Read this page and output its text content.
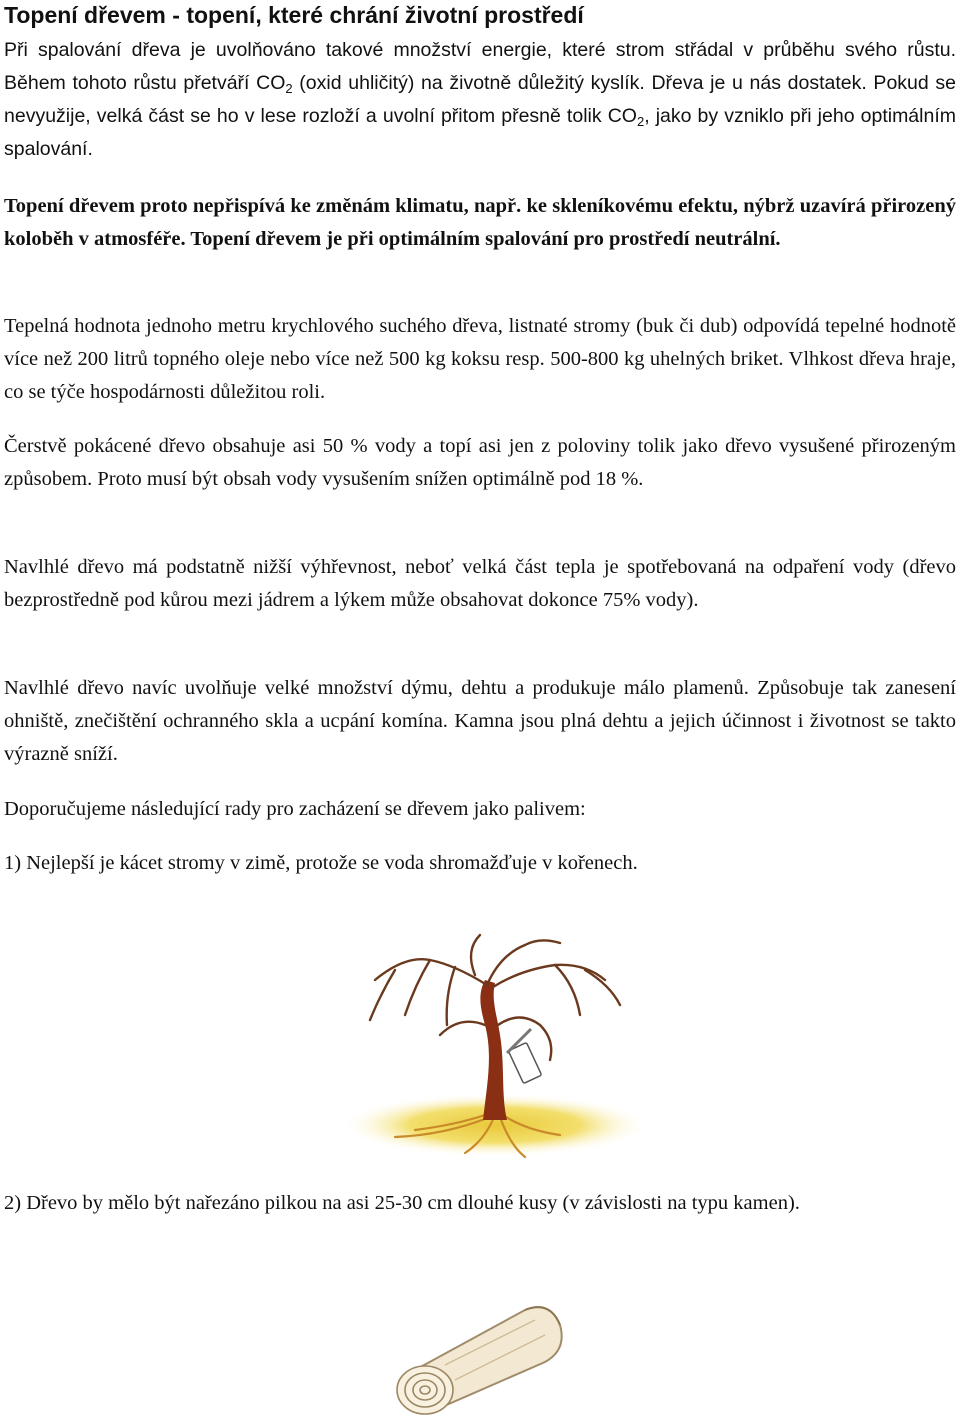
Topení dřevem - topení, které chrání životní prostředí

Při spalování dřeva je uvolňováno takové množství energie, které strom střádal v průběhu svého růstu. Během tohoto růstu přetváří $CO_2$ (oxid uhličitý) na životně důležitý kyslík. Dřeva je u nás dostatek. Pokud se nevyužije, velká část se ho v lese rozloží a uvolní přitom přesně tolik $CO_2$, jako by vzniklo při jeho optimálním spalování.

Topení dřevem proto nepřispívá ke změnám klimatu, např. ke skleníkovému efektu, nýbrž uzavírá přirozený koloběh v atmosféře. Topení dřevem je při optimálním spalování pro prostředí neutrální.

Tepelná hodnota jednoho metru krychlového suchého dřeva, listnaté stromy (buk či dub) odpovídá tepelné hodnotě více než 200 litrů topného oleje nebo více než 500 kg koksu resp. 500-800 kg uhelných briket. Vlhkost dřeva hraje, co se týče hospodárnosti důležitou roli.

Čerstvě pokácené dřevo obsahuje asi 50 % vody a topí asi jen z poloviny tolik jako dřevo vysušené přirozeným způsobem. Proto musí být obsah vody vysušením snížen optimálně pod 18 %.

Navlhlé dřevo má podstatně nižší výhřevnost, neboť velká část tepla je spotřebovaná na odpaření vody (dřevo bezprostředně pod kůrou mezi jádrem a lýkem může obsahovat dokonce 75% vody).

Navlhlé dřevo navíc uvolňuje velké množství dýmu, dehtu a produkuje málo plamenů. Způsobuje tak zanesení ohniště, znečištění ochranného skla a ucpání komína. Kamna jsou plná dehtu a jejich účinnost i životnost se takto výrazně sníží.

Doporučujeme následující rady pro zacházení se dřevem jako palivem:

1) Nejlepší je kácet stromy v zimě, protože se voda shromažďuje v kořenech.

2) Dřevo by mělo být nařezáno pilkou na asi 25-30 cm dlouhé kusy (v závislosti na typu kamen).
